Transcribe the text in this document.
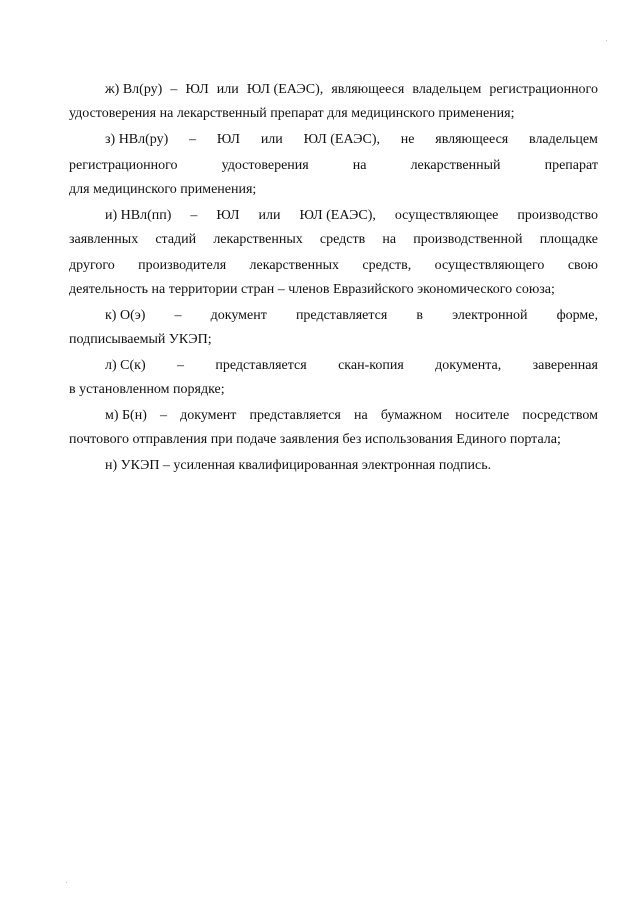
ж) Вл(ру) – ЮЛ или ЮЛ (ЕАЭС), являющееся владельцем регистрационного
удостоверения на лекарственный препарат для медицинского применения;
з) НВл(ру) – ЮЛ или ЮЛ (ЕАЭС), не являющееся владельцем
регистрационного	удостоверения	на	лекарственный	препарат
для медицинского применения;
и) НВл(пп) – ЮЛ или ЮЛ (ЕАЭС), осуществляющее производство
заявленных стадий лекарственных средств на производственной площадке
другого производителя лекарственных средств, осуществляющего свою
деятельность на территории стран – членов Евразийского экономического союза;
к) О(э) – документ представляется в электронной форме,
подписываемый УКЭП;
л) С(к) – представляется скан-копия документа, заверенная
в установленном порядке;
м) Б(н) – документ представляется на бумажном носителе посредством
почтового отправления при подаче заявления без использования Единого портала;
н) УКЭП – усиленная квалифицированная электронная подпись.
